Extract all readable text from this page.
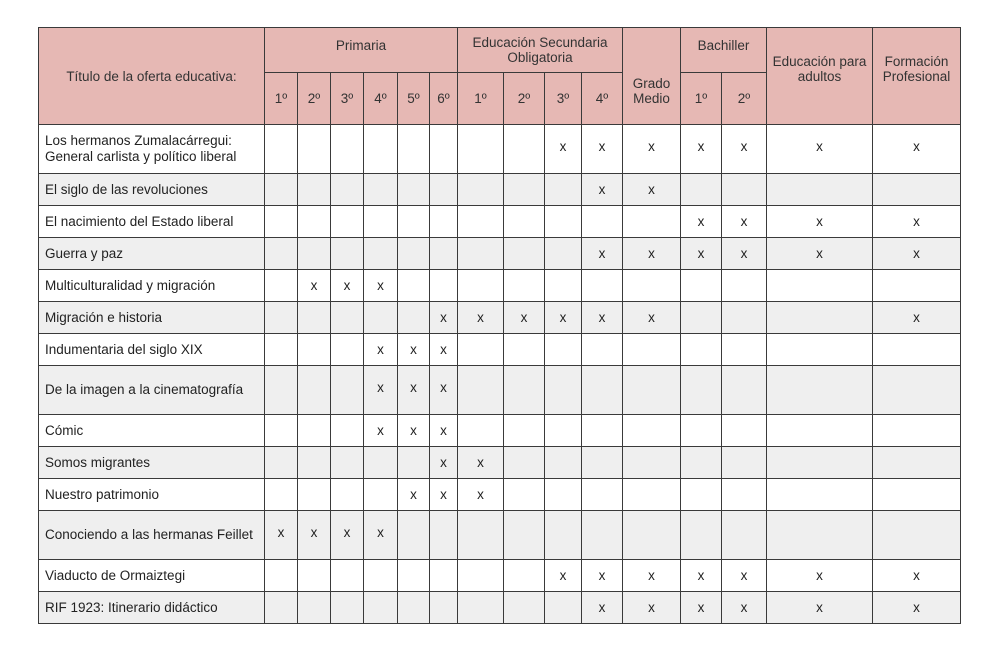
Título de la oferta educativa:	Primaria						Educación Secundaria Obligatoria				Grado Medio	Bachiller		Educación para adultos	Formación Profesional
	1º	2º	3º	4º	5º	6º	1º	2º	3º	4º		1º	2º		
Los hermanos Zumalacárregui: General carlista y político liberal									x	x	x	x	x	x	x
El siglo de las revoluciones										x	x				
El nacimiento del Estado liberal												x	x	x	x
Guerra y paz										x	x	x	x	x	x
Multiculturalidad y migración		x	x	x											
Migración e historia						x	x	x	x	x	x				x
Indumentaria del siglo XIX				x	x	x									
De la imagen a la cinematografía				x	x	x									
Cómic				x	x	x									
Somos migrantes						x	x								
Nuestro patrimonio					x	x	x								
Conociendo a las hermanas Feillet	x	x	x	x											
Viaducto de Ormaiztegi									x	x	x	x	x	x	x
RIF 1923: Itinerario didáctico										x	x	x	x	x	x
